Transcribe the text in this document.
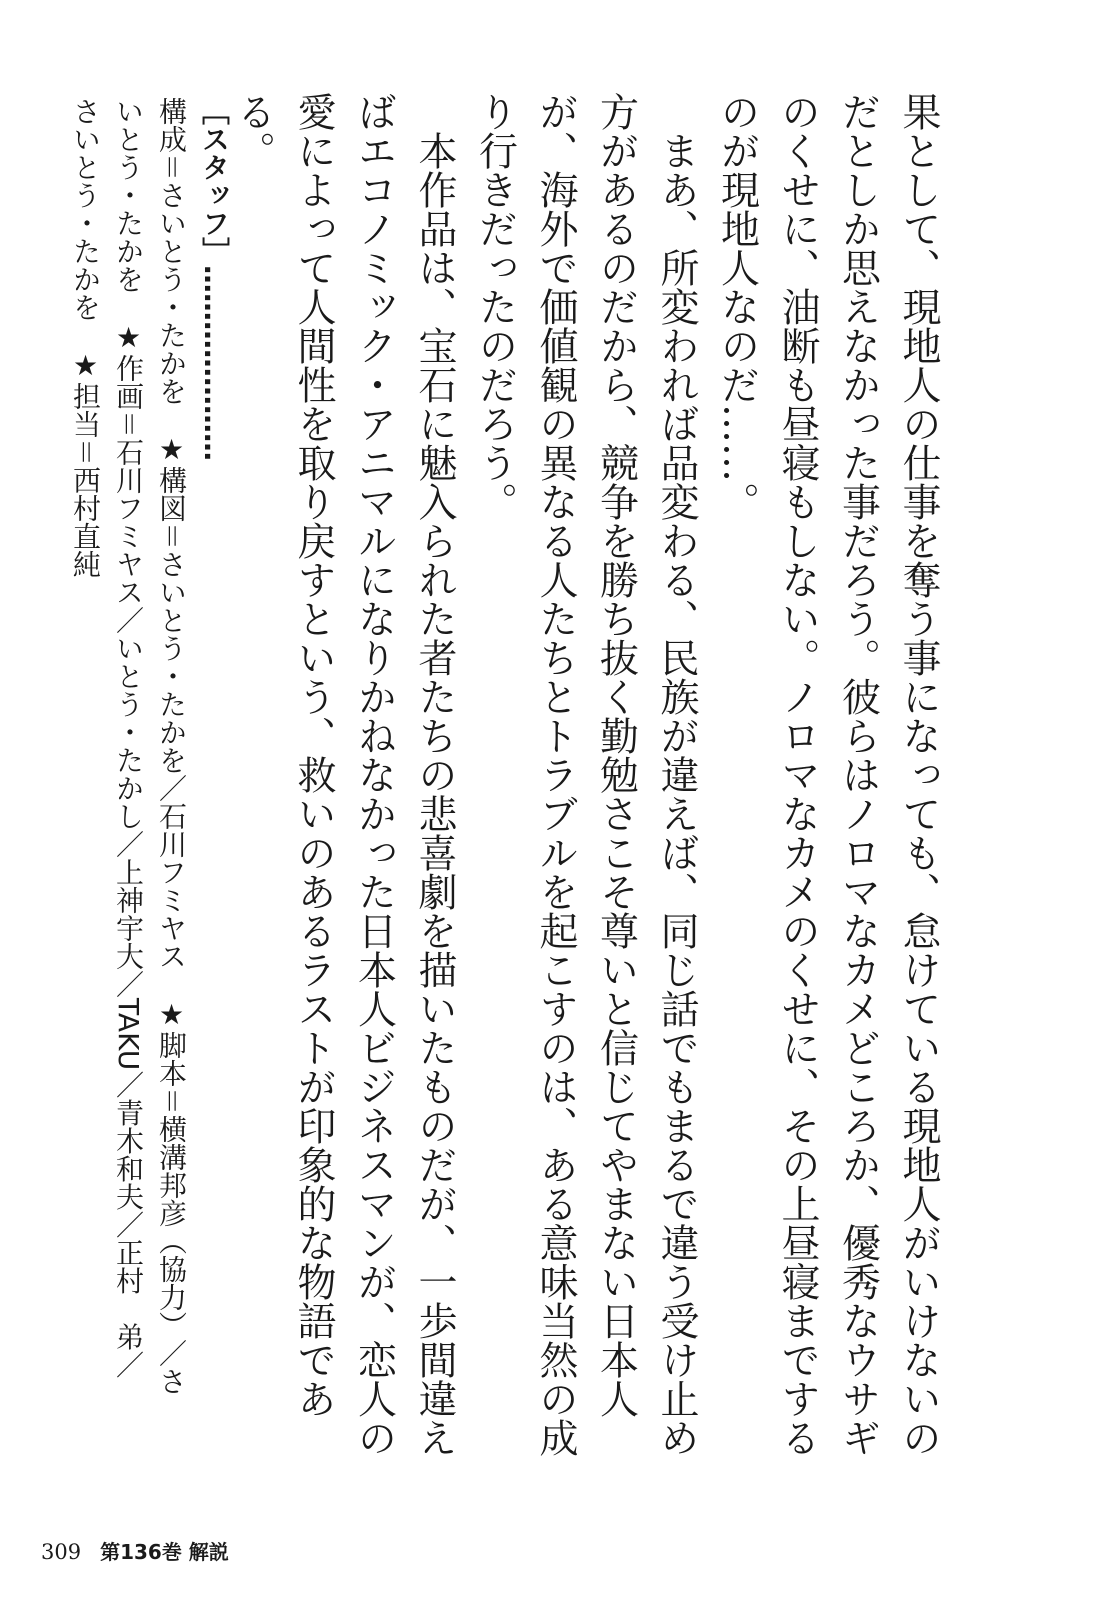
果として、現地人の仕事を奪う事になっても、怠けている現地人がいけないのだとしか思えなかった事だろう。彼らはノロマなカメどころか、優秀なウサギのくせに、油断も昼寝もしない。ノロマなカメのくせに、その上昼寝までするのが現地人なのだ……。

まあ、所変われば品変わる、民族が違えば、同じ話でもまるで違う受け止め方があるのだから、競争を勝ち抜く勤勉さこそ尊いと信じてやまない日本人が、海外で価値観の異なる人たちとトラブルを起こすのは、ある意味当然の成り行きだったのだろう。

本作品は、宝石に魅入られた者たちの悲喜劇を描いたものだが、一歩間違えばエコノミック・アニマルになりかねなかった日本人ビジネスマンが、恋人の愛によって人間性を取り戻すという、救いのあるラストが印象的な物語である。

［スタッフ］…………………

構成＝さいとう・たかを　★構図＝さいとう・たかを／石川フミヤス　★脚本＝横溝邦彦（協力）／さ

いとう・たかを　★作画＝石川フミヤス／いとう・たかし／上神宇大／TAKU／青木和夫／正村　弟／

さいとう・たかを　★担当＝西村直純

309 第136巻 解説
